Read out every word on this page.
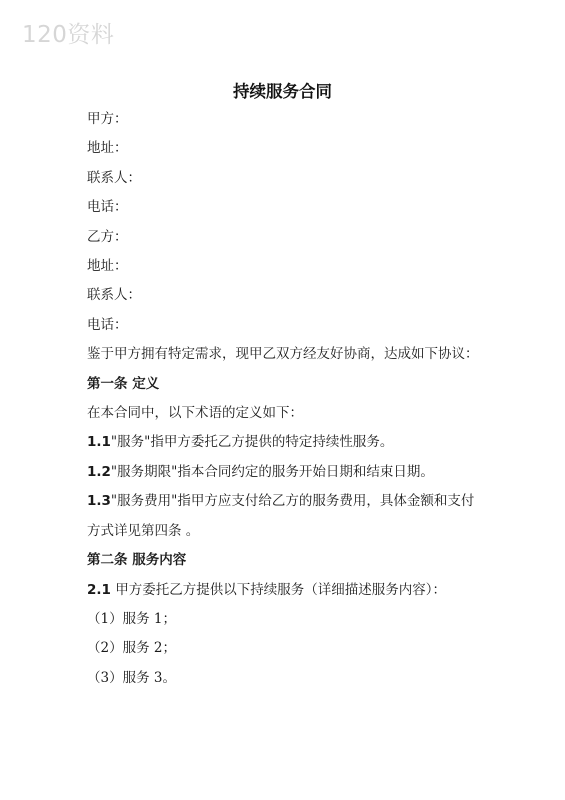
120资料
持续服务合同
甲方：
地址：
联系人：
电话：
乙方：
地址：
联系人：
电话：
鉴于甲方拥有特定需求，现甲乙双方经友好协商，达成如下协议：
第一条 定义
在本合同中，以下术语的定义如下：
1.1"服务"指甲方委托乙方提供的特定持续性服务。
1.2"服务期限"指本合同约定的服务开始日期和结束日期。
1.3"服务费用"指甲方应支付给乙方的服务费用，具体金额和支付方式详见第四条 。
第二条 服务内容
2.1 甲方委托乙方提供以下持续服务（详细描述服务内容）：
（1）服务 1；
（2）服务 2；
（3）服务 3。
